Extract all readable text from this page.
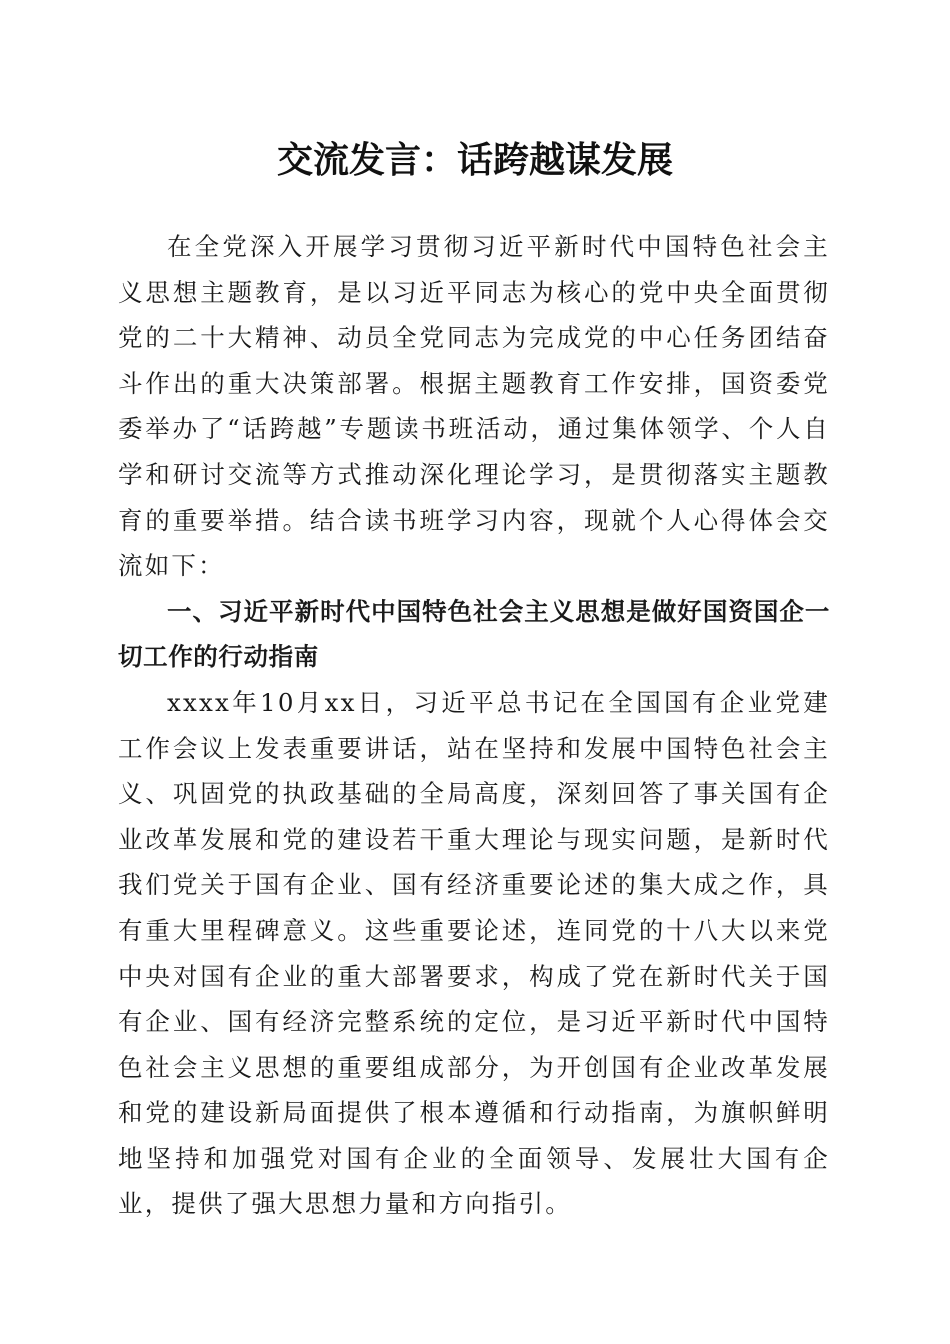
交流发言：话跨越谋发展

在全党深入开展学习贯彻习近平新时代中国特色社会主义思想主题教育，是以习近平同志为核心的党中央全面贯彻党的二十大精神、动员全党同志为完成党的中心任务团结奋斗作出的重大决策部署。根据主题教育工作安排，国资委党委举办了“话跨越”专题读书班活动，通过集体领学、个人自学和研讨交流等方式推动深化理论学习，是贯彻落实主题教育的重要举措。结合读书班学习内容，现就个人心得体会交流如下：

一、习近平新时代中国特色社会主义思想是做好国资国企一切工作的行动指南

xxxx年10月xx日，习近平总书记在全国国有企业党建工作会议上发表重要讲话，站在坚持和发展中国特色社会主义、巩固党的执政基础的全局高度，深刻回答了事关国有企业改革发展和党的建设若干重大理论与现实问题，是新时代我们党关于国有企业、国有经济重要论述的集大成之作，具有重大里程碑意义。这些重要论述，连同党的十八大以来党中央对国有企业的重大部署要求，构成了党在新时代关于国有企业、国有经济完整系统的定位，是习近平新时代中国特色社会主义思想的重要组成部分，为开创国有企业改革发展和党的建设新局面提供了根本遵循和行动指南，为旗帜鲜明地坚持和加强党对国有企业的全面领导、发展壮大国有企业，提供了强大思想力量和方向指引。
